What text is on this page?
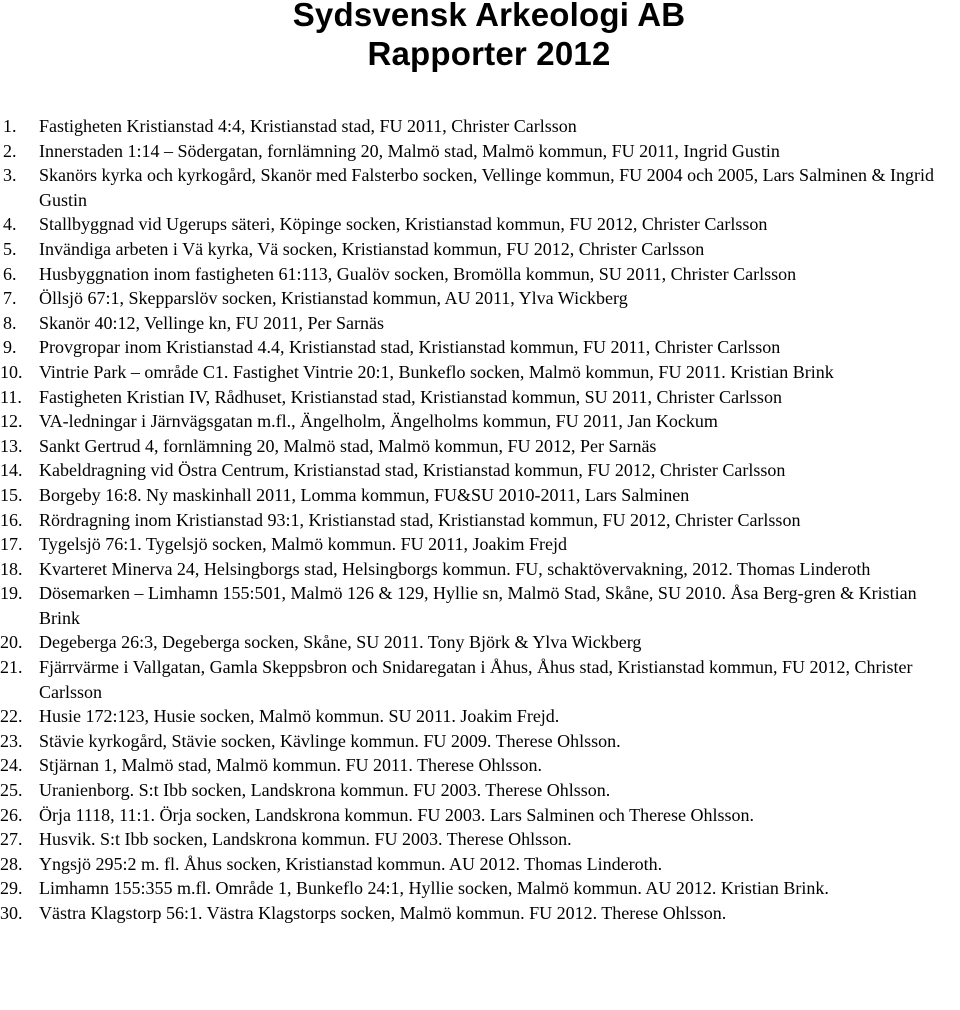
Sydsvensk Arkeologi AB
Rapporter 2012
1. Fastigheten Kristianstad 4:4, Kristianstad stad, FU 2011, Christer Carlsson
2. Innerstaden 1:14 – Södergatan, fornlämning 20, Malmö stad, Malmö kommun, FU 2011, Ingrid Gustin
3. Skanörs kyrka och kyrkogård, Skanör med Falsterbo socken, Vellinge kommun, FU 2004 och 2005, Lars Salminen & Ingrid Gustin
4. Stallbyggnad vid Ugerups säteri, Köpinge socken, Kristianstad kommun, FU 2012, Christer Carlsson
5. Invändiga arbeten i Vä kyrka, Vä socken, Kristianstad kommun, FU 2012, Christer Carlsson
6. Husbyggnation inom fastigheten 61:113, Gualöv socken, Bromölla kommun, SU 2011, Christer Carlsson
7. Öllsjö 67:1, Skepparslöv socken, Kristianstad kommun, AU 2011, Ylva Wickberg
8. Skanör 40:12, Vellinge kn, FU 2011, Per Sarnäs
9. Provgropar inom Kristianstad 4.4, Kristianstad stad, Kristianstad kommun, FU 2011, Christer Carlsson
10. Vintrie Park – område C1. Fastighet Vintrie 20:1, Bunkeflo socken, Malmö kommun, FU 2011. Kristian Brink
11. Fastigheten Kristian IV, Rådhuset, Kristianstad stad, Kristianstad kommun, SU 2011, Christer Carlsson
12. VA-ledningar i Järnvägsgatan m.fl., Ängelholm, Ängelholms kommun, FU 2011, Jan Kockum
13. Sankt Gertrud 4, fornlämning 20, Malmö stad, Malmö kommun, FU 2012, Per Sarnäs
14. Kabeldragning vid Östra Centrum, Kristianstad stad, Kristianstad kommun, FU 2012, Christer Carlsson
15. Borgeby 16:8. Ny maskinhall 2011, Lomma kommun, FU&SU 2010-2011, Lars Salminen
16. Rördragning inom Kristianstad 93:1, Kristianstad stad, Kristianstad kommun, FU 2012, Christer Carlsson
17. Tygelsjö 76:1. Tygelsjö socken, Malmö kommun. FU 2011, Joakim Frejd
18. Kvarteret Minerva 24, Helsingborgs stad, Helsingborgs kommun. FU, schaktövervakning, 2012. Thomas Linderoth
19. Dösemarken – Limhamn 155:501, Malmö 126 & 129, Hyllie sn, Malmö Stad, Skåne, SU 2010. Åsa Berg-gren & Kristian Brink
20. Degeberga 26:3, Degeberga socken, Skåne, SU 2011. Tony Björk & Ylva Wickberg
21. Fjärrvärme i Vallgatan, Gamla Skeppsbron och Snidaregatan i Åhus, Åhus stad, Kristianstad kommun, FU 2012, Christer Carlsson
22. Husie 172:123, Husie socken, Malmö kommun. SU 2011. Joakim Frejd.
23. Stävie kyrkogård, Stävie socken, Kävlinge kommun. FU 2009. Therese Ohlsson.
24. Stjärnan 1, Malmö stad, Malmö kommun. FU 2011. Therese Ohlsson.
25. Uranienborg. S:t Ibb socken, Landskrona kommun. FU 2003. Therese Ohlsson.
26. Örja 1118, 11:1. Örja socken, Landskrona kommun. FU 2003. Lars Salminen och Therese Ohlsson.
27. Husvik. S:t Ibb socken, Landskrona kommun. FU 2003. Therese Ohlsson.
28. Yngsjö 295:2 m. fl. Åhus socken, Kristianstad kommun. AU 2012. Thomas Linderoth.
29. Limhamn 155:355 m.fl. Område 1, Bunkeflo 24:1, Hyllie socken, Malmö kommun. AU 2012. Kristian Brink.
30. Västra Klagstorp 56:1. Västra Klagstorps socken, Malmö kommun. FU 2012. Therese Ohlsson.
